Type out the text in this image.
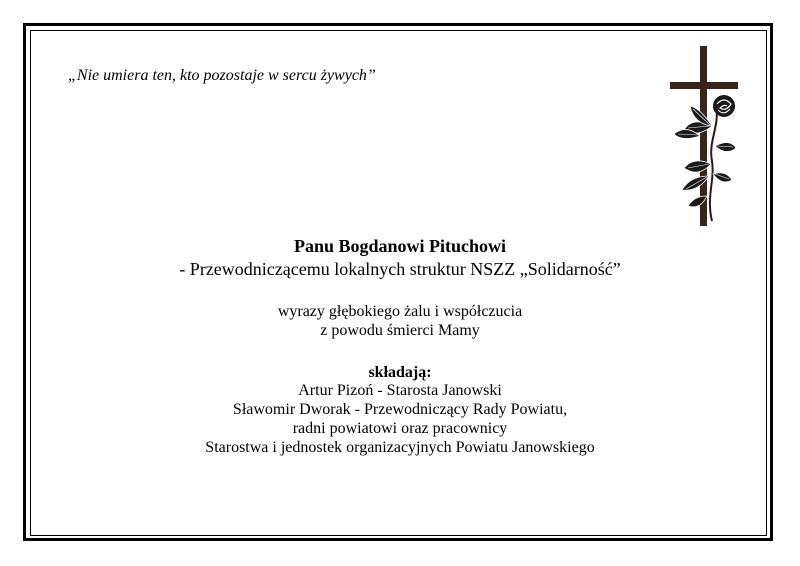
„Nie umiera ten, kto pozostaje w sercu żywych”
Panu Bogdanowi Pituchowi
- Przewodniczącemu lokalnych struktur NSZZ „Solidarność”
wyrazy głębokiego żalu i współczucia
z powodu śmierci Mamy
składają:
Artur Pizoń - Starosta Janowski
Sławomir Dworak - Przewodniczący Rady Powiatu,
radni powiatowi oraz pracownicy
Starostwa i jednostek organizacyjnych Powiatu Janowskiego
